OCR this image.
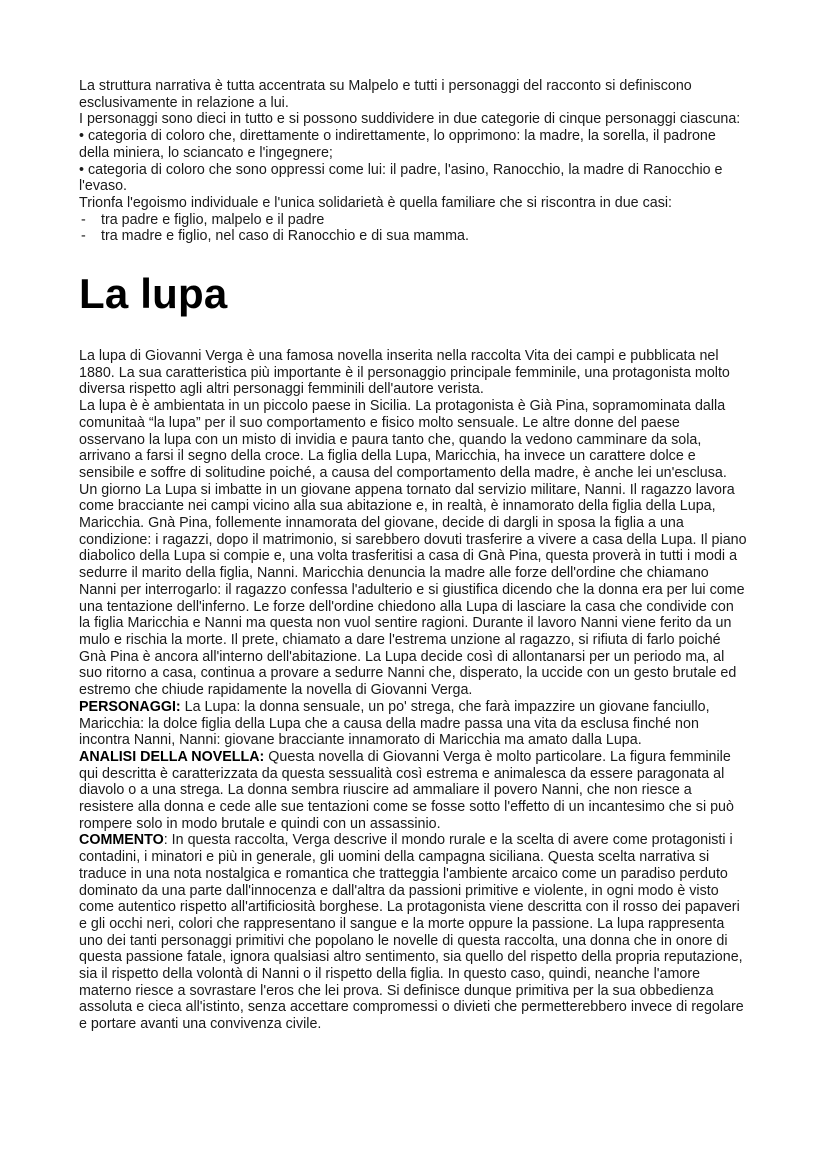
La struttura narrativa è tutta accentrata su Malpelo e tutti i personaggi del racconto si definiscono esclusivamente in relazione a lui.

I personaggi sono dieci in tutto e si possono suddividere in due categorie di cinque personaggi ciascuna:

• categoria di coloro che, direttamente o indirettamente, lo opprimono: la madre, la sorella, il padrone della miniera, lo sciancato e l'ingegnere;

• categoria di coloro che sono oppressi come lui: il padre, l'asino, Ranocchio, la madre di Ranocchio e l'evaso.

Trionfa l'egoismo individuale e l'unica solidarietà è quella familiare che si riscontra in due casi:

- tra padre e figlio, malpelo e il padre
- tra madre e figlio, nel caso di Ranocchio e di sua mamma.
La lupa

La lupa di Giovanni Verga è una famosa novella inserita nella raccolta Vita dei campi e pubblicata nel 1880. La sua caratteristica più importante è il personaggio principale femminile, una protagonista molto diversa rispetto agli altri personaggi femminili dell'autore verista.

La lupa è è ambientata in un piccolo paese in Sicilia. La protagonista è Già Pina, sopramominata dalla comunitaà “la lupa” per il suo comportamento e fisico molto sensuale. Le altre donne del paese osservano la lupa con un misto di invidia e paura tanto che, quando la vedono camminare da sola, arrivano a farsi il segno della croce. La figlia della Lupa, Maricchia, ha invece un carattere dolce e sensibile e soffre di solitudine poiché, a causa del comportamento della madre, è anche lei un'esclusa. Un giorno La Lupa si imbatte in un giovane appena tornato dal servizio militare, Nanni. Il ragazzo lavora come bracciante nei campi vicino alla sua abitazione e, in realtà, è innamorato della figlia della Lupa, Maricchia. Gnà Pina, follemente innamorata del giovane, decide di dargli in sposa la figlia a una condizione: i ragazzi, dopo il matrimonio, si sarebbero dovuti trasferire a vivere a casa della Lupa. Il piano diabolico della Lupa si compie e, una volta trasferitisi a casa di Gnà Pina, questa proverà in tutti i modi a sedurre il marito della figlia, Nanni. Maricchia denuncia la madre alle forze dell'ordine che chiamano Nanni per interrogarlo: il ragazzo confessa l'adulterio e si giustifica dicendo che la donna era per lui come una tentazione dell'inferno. Le forze dell'ordine chiedono alla Lupa di lasciare la casa che condivide con la figlia Maricchia e Nanni ma questa non vuol sentire ragioni. Durante il lavoro Nanni viene ferito da un mulo e rischia la morte. Il prete, chiamato a dare l'estrema unzione al ragazzo, si rifiuta di farlo poiché Gnà Pina è ancora all'interno dell'abitazione. La Lupa decide così di allontanarsi per un periodo ma, al suo ritorno a casa, continua a provare a sedurre Nanni che, disperato, la uccide con un gesto brutale ed estremo che chiude rapidamente la novella di Giovanni Verga.

PERSONAGGI: La Lupa: la donna sensuale, un po' strega, che farà impazzire un giovane fanciullo, Maricchia: la dolce figlia della Lupa che a causa della madre passa una vita da esclusa finché non incontra Nanni, Nanni: giovane bracciante innamorato di Maricchia ma amato dalla Lupa.

ANALISI DELLA NOVELLA: Questa novella di Giovanni Verga è molto particolare. La figura femminile qui descritta è caratterizzata da questa sessualità così estrema e animalesca da essere paragonata al diavolo o a una strega. La donna sembra riuscire ad ammaliare il povero Nanni, che non riesce a resistere alla donna e cede alle sue tentazioni come se fosse sotto l'effetto di un incantesimo che si può rompere solo in modo brutale e quindi con un assassinio.

COMMENTO: In questa raccolta, Verga descrive il mondo rurale e la scelta di avere come protagonisti i contadini, i minatori e più in generale, gli uomini della campagna siciliana. Questa scelta narrativa si traduce in una nota nostalgica e romantica che tratteggia l'ambiente arcaico come un paradiso perduto dominato da una parte dall'innocenza e dall'altra da passioni primitive e violente, in ogni modo è visto come autentico rispetto all'artificiosità borghese. La protagonista viene descritta con il rosso dei papaveri e gli occhi neri, colori che rappresentano il sangue e la morte oppure la passione. La lupa rappresenta uno dei tanti personaggi primitivi che popolano le novelle di questa raccolta, una donna che in onore di questa passione fatale, ignora qualsiasi altro sentimento, sia quello del rispetto della propria reputazione, sia il rispetto della volontà di Nanni o il rispetto della figlia. In questo caso, quindi, neanche l'amore materno riesce a sovrastare l'eros che lei prova. Si definisce dunque primitiva per la sua obbedienza assoluta e cieca all'istinto, senza accettare compromessi o divieti che permetterebbero invece di regolare e portare avanti una convivenza civile.
